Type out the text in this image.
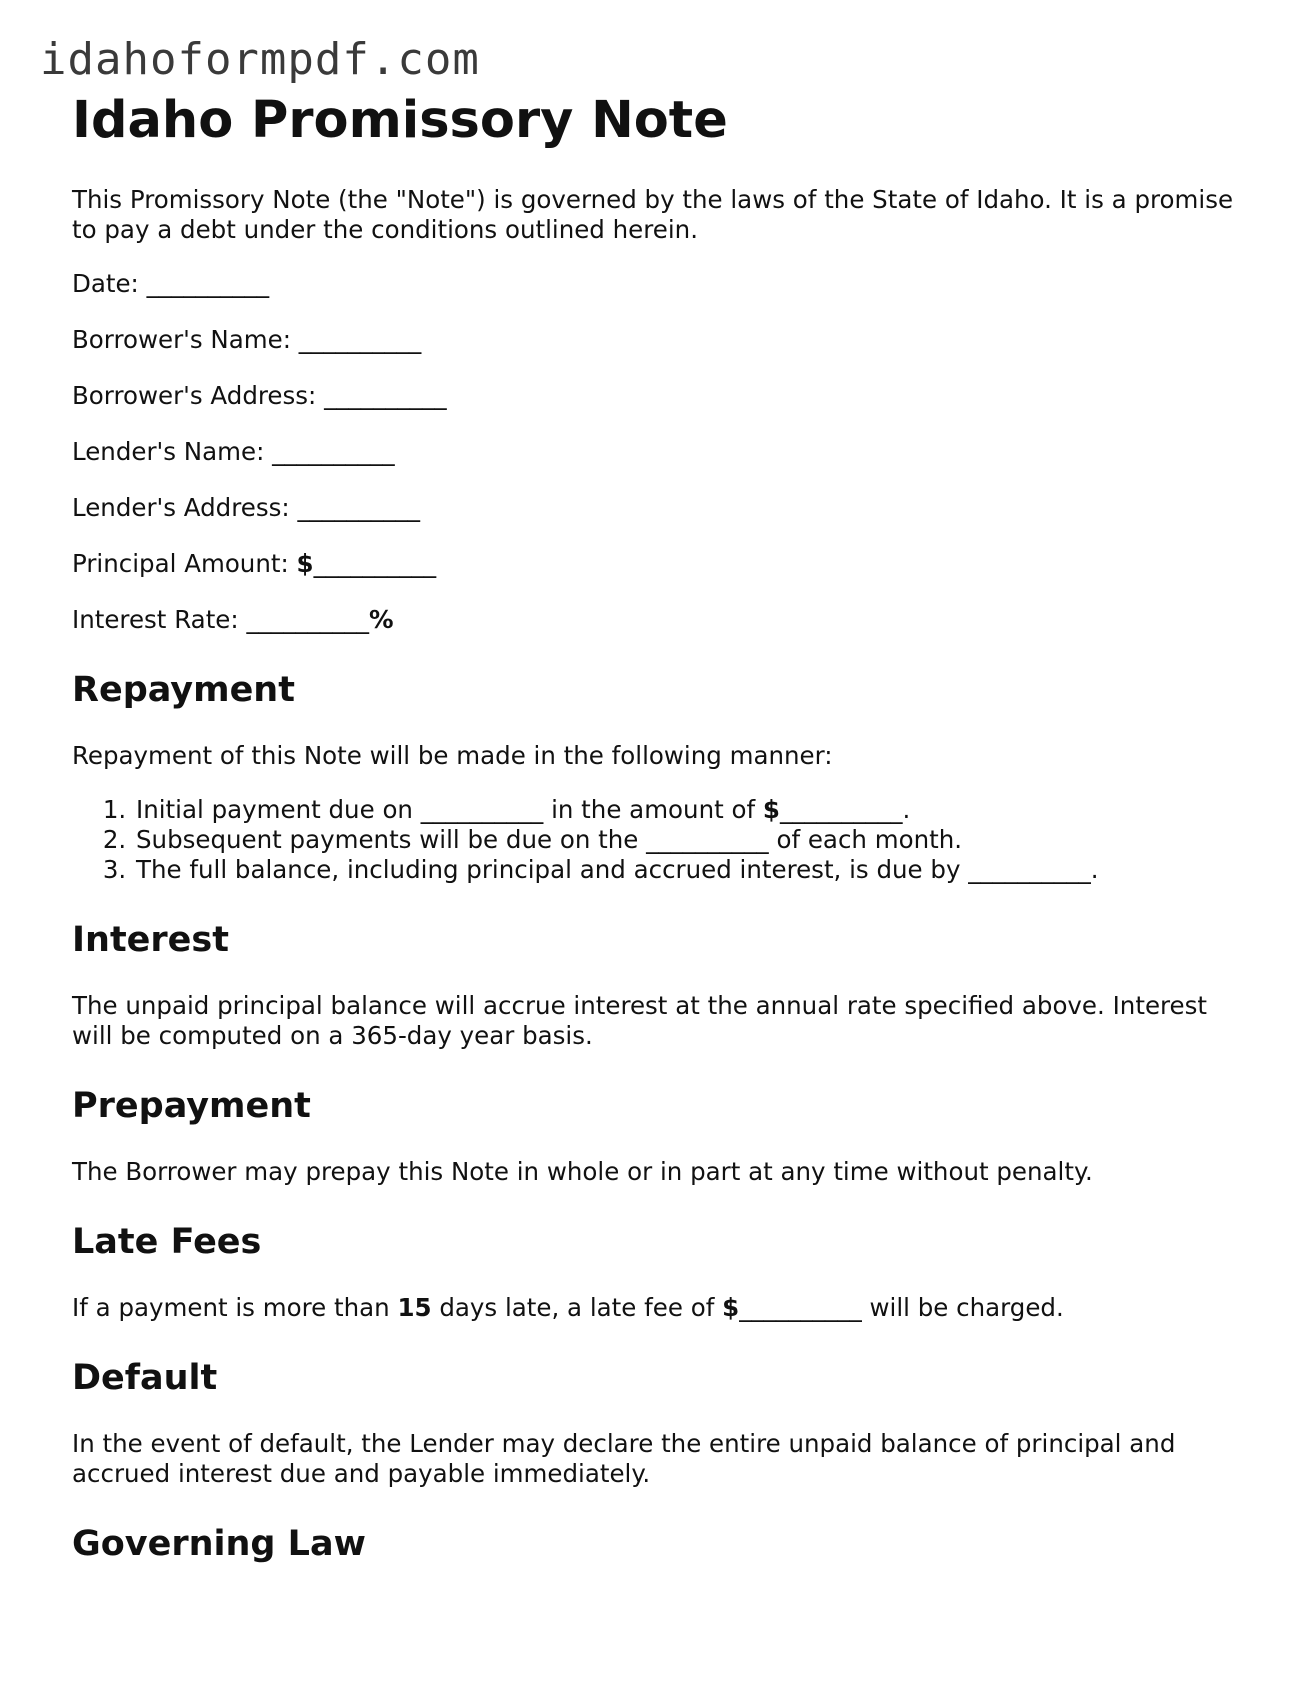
idahoformpdf.com
Idaho Promissory Note

This Promissory Note (the "Note") is governed by the laws of the State of Idaho. It is a promise to pay a debt under the conditions outlined herein.

Date: __________

Borrower's Name: __________

Borrower's Address: __________

Lender's Name: __________

Lender's Address: __________

Principal Amount: $__________

Interest Rate: __________%

Repayment

Repayment of this Note will be made in the following manner:

1. Initial payment due on __________ in the amount of $__________.
2. Subsequent payments will be due on the __________ of each month.
3. The full balance, including principal and accrued interest, is due by __________.
Interest

The unpaid principal balance will accrue interest at the annual rate specified above. Interest will be computed on a 365-day year basis.

Prepayment

The Borrower may prepay this Note in whole or in part at any time without penalty.

Late Fees

If a payment is more than 15 days late, a late fee of $__________ will be charged.

Default

In the event of default, the Lender may declare the entire unpaid balance of principal and accrued interest due and payable immediately.

Governing Law
